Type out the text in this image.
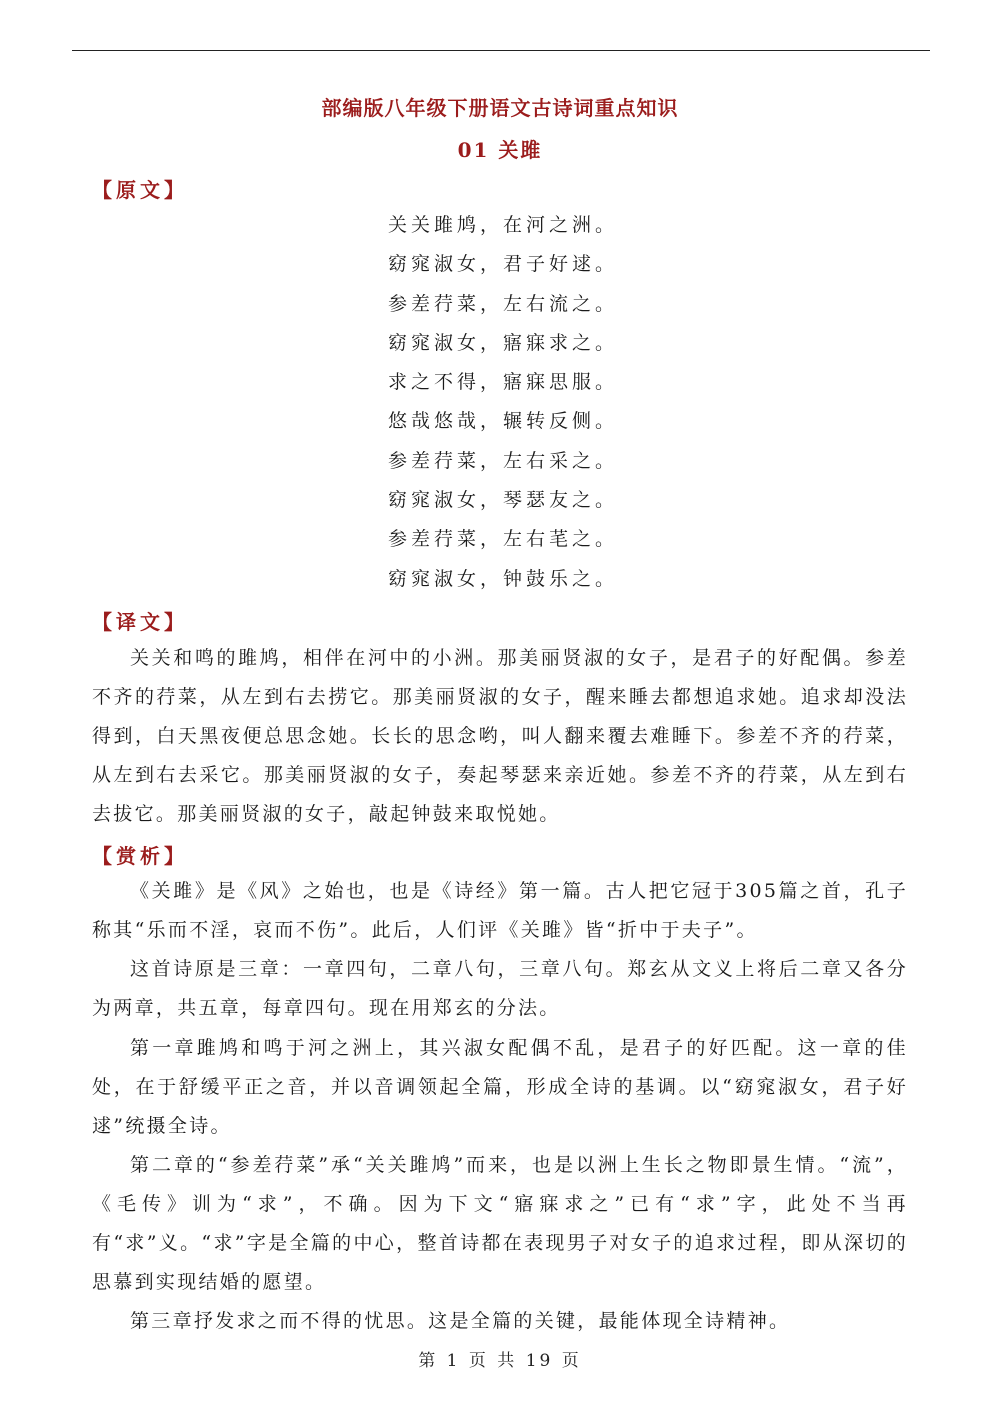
部编版八年级下册语文古诗词重点知识
01 关雎
【原文】
关关雎鸠，在河之洲。
窈窕淑女，君子好逑。
参差荇菜，左右流之。
窈窕淑女，寤寐求之。
求之不得，寤寐思服。
悠哉悠哉，辗转反侧。
参差荇菜，左右采之。
窈窕淑女，琴瑟友之。
参差荇菜，左右芼之。
窈窕淑女，钟鼓乐之。
【译文】

关关和鸣的雎鸠，相伴在河中的小洲。那美丽贤淑的女子，是君子的好配偶。参差不齐的荇菜，从左到右去捞它。那美丽贤淑的女子，醒来睡去都想追求她。追求却没法得到，白天黑夜便总思念她。长长的思念哟，叫人翻来覆去难睡下。参差不齐的荇菜，从左到右去采它。那美丽贤淑的女子，奏起琴瑟来亲近她。参差不齐的荇菜，从左到右去拔它。那美丽贤淑的女子，敲起钟鼓来取悦她。

【赏析】

《关雎》是《风》之始也，也是《诗经》第一篇。古人把它冠于305篇之首，孔子称其“乐而不淫，哀而不伤”。此后，人们评《关雎》皆“折中于夫子”。

这首诗原是三章：一章四句，二章八句，三章八句。郑玄从文义上将后二章又各分为两章，共五章，每章四句。现在用郑玄的分法。

第一章雎鸠和鸣于河之洲上，其兴淑女配偶不乱，是君子的好匹配。这一章的佳处，在于舒缓平正之音，并以音调领起全篇，形成全诗的基调。以“窈窕淑女，君子好逑”统摄全诗。

第二章的“参差荇菜”承“关关雎鸠”而来，也是以洲上生长之物即景生情。“流”，《毛传》训为“求”，不确。因为下文“寤寐求之”已有“求”字，此处不当再有“求”义。“求”字是全篇的中心，整首诗都在表现男子对女子的追求过程，即从深切的思慕到实现结婚的愿望。

第三章抒发求之而不得的忧思。这是全篇的关键，最能体现全诗精神。

第 1 页 共 19 页
